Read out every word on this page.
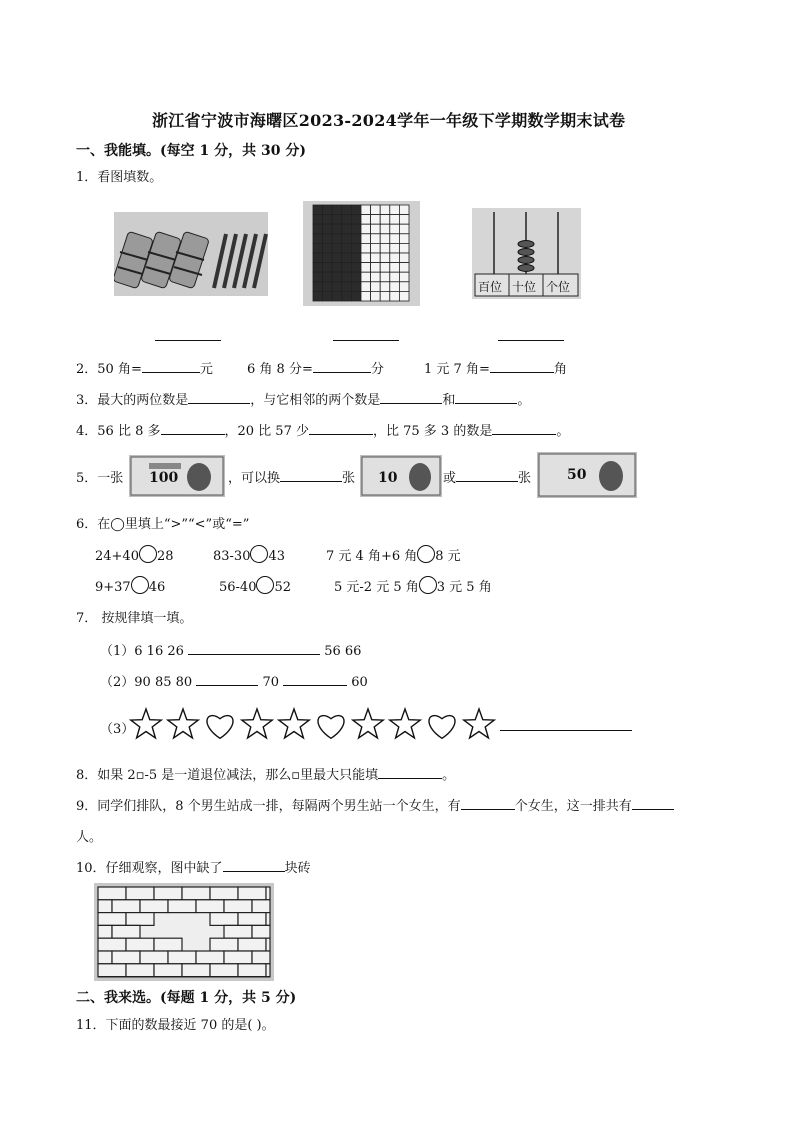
浙江省宁波市海曙区2023-2024学年一年级下学期数学期末试卷
一、我能填。(每空 1 分，共 30 分)
1．看图填数。
百位 十位 个位
2．50 角=	元	6 角 8 分=	分	1 元 7 角=	角
3．最大的两位数是	，与它相邻的两个数是	和	。
4．56 比 8 多	，20 比 57 少	，比 75 多 3 的数是	。
5．一张 100	，可以换	张 10	或	张	50
6．在◯里填上“>”“<”或“=”
24+40 28	83-30 43	7 元 4 角+6 角 8 元
9+37 46	56-40 52	5 元-2 元 5 角 3 元 5 角
7． 按规律填一填。
（1）6 16 26	56 66
（2）90 85 80	70	60
（3）
8．如果 2▫-5 是一道退位减法，那么▫里最大只能填	。
9．同学们排队，8 个男生站成一排，每隔两个男生站一个女生，有	个女生，这一排共有
人。
10．仔细观察，图中缺了	块砖
二、我来选。(每题 1 分，共 5 分)
11．下面的数最接近 70 的是( )。
